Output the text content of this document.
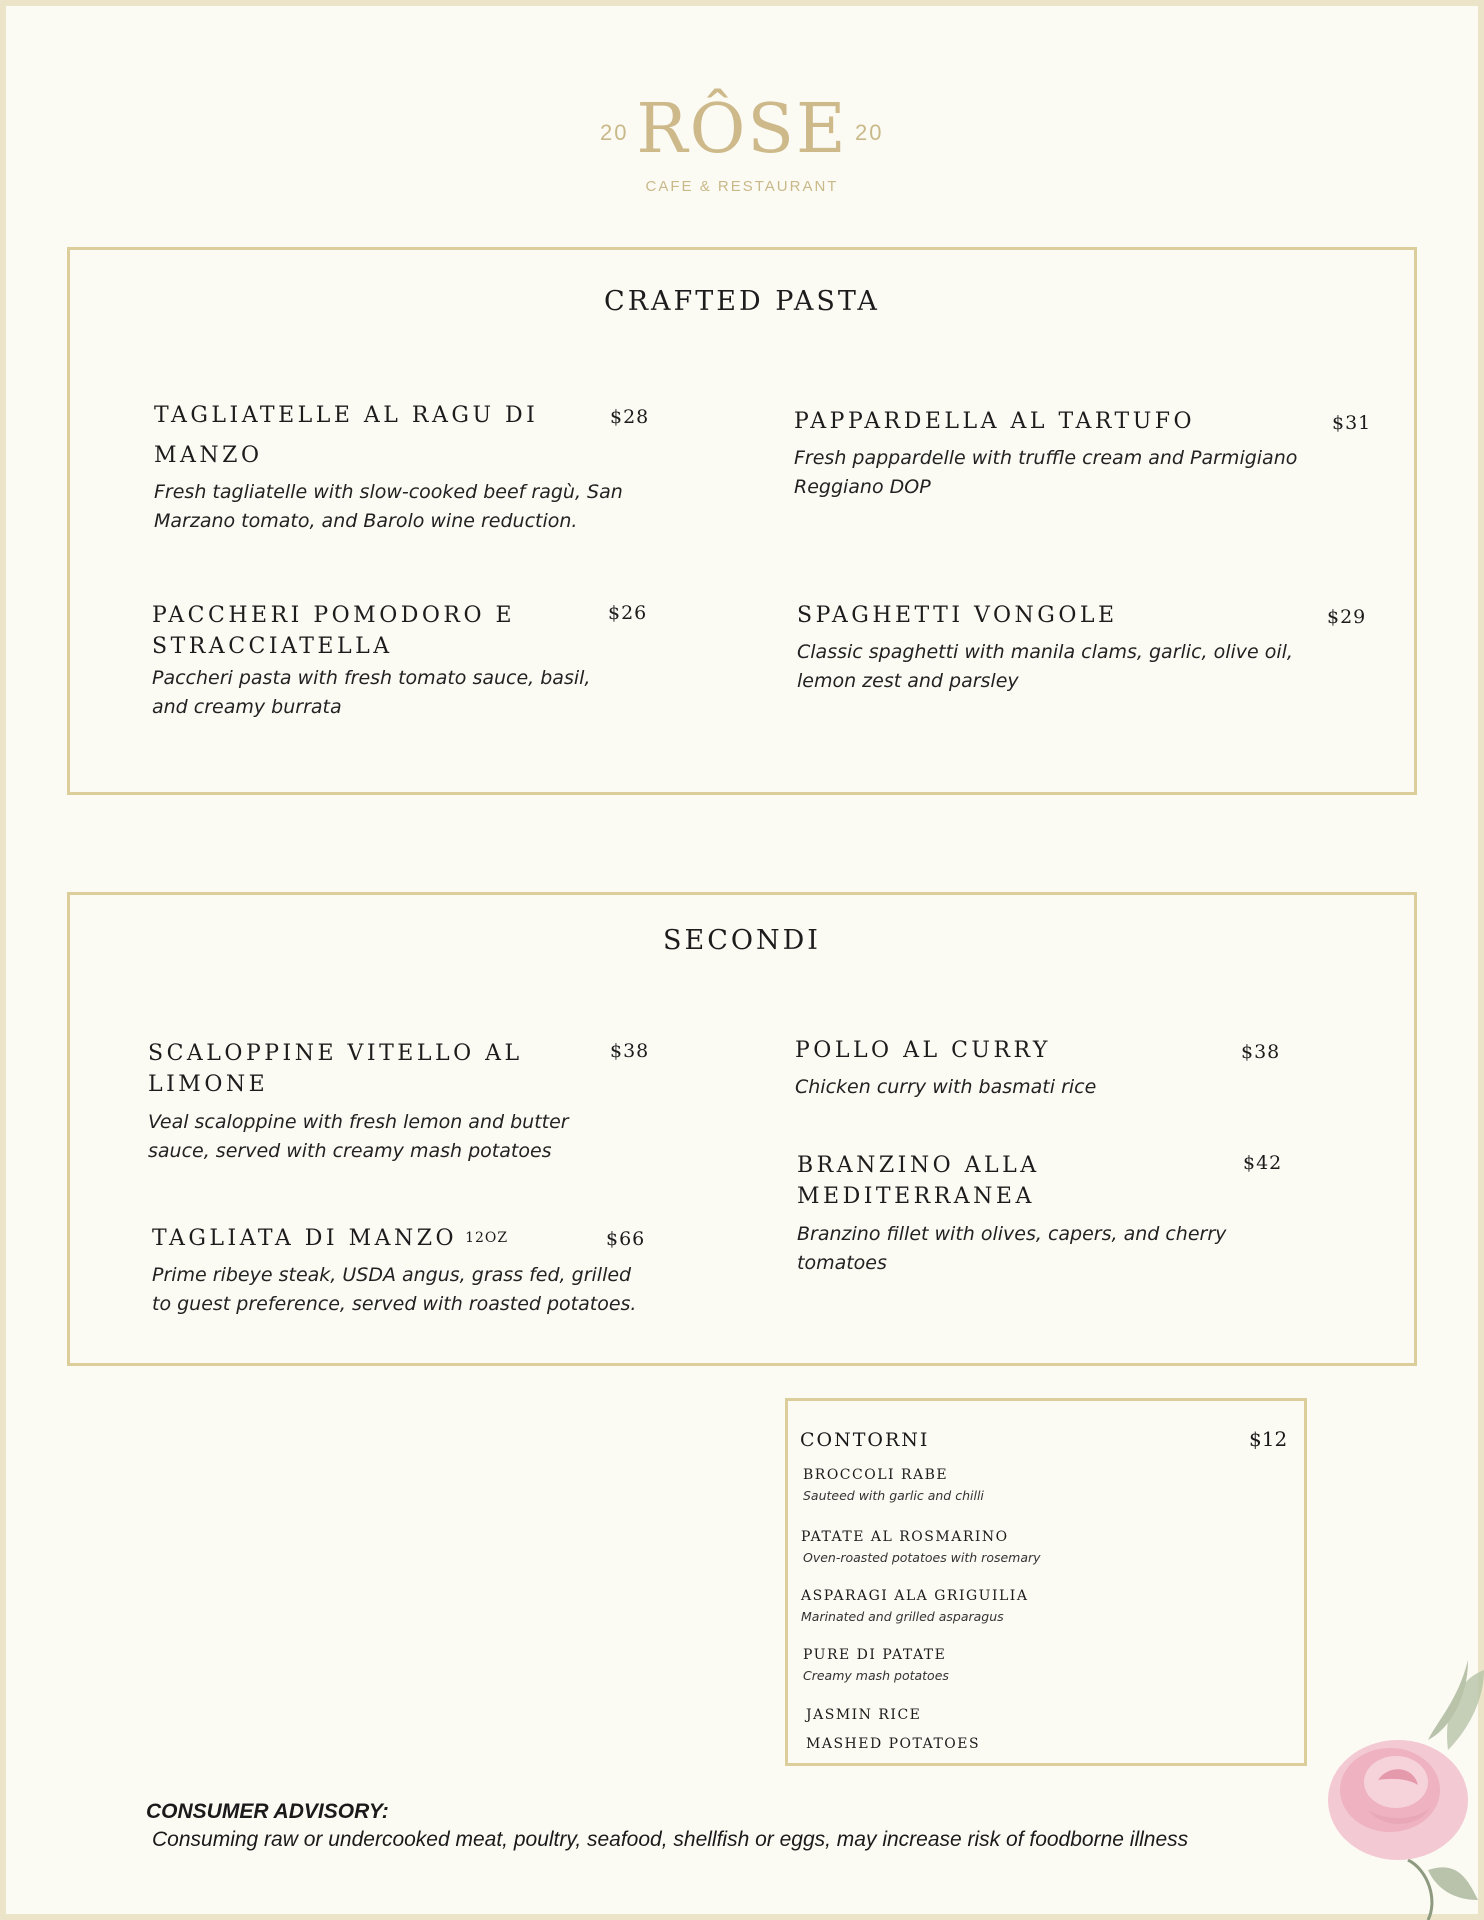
20 RÔSE 20
CAFE & RESTAURANT
CRAFTED PASTA
TAGLIATELLE AL RAGU DI MANZO
$28
Fresh tagliatelle with slow-cooked beef ragù, San Marzano tomato, and Barolo wine reduction.
PAPPARDELLA AL TARTUFO	$31
Fresh pappardelle with truffle cream and Parmigiano Reggiano DOP
PACCHERI POMODORO E STRACCIATELLA
$26
Paccheri pasta with fresh tomato sauce, basil, and creamy burrata
SPAGHETTI VONGOLE	$29
Classic spaghetti with manila clams, garlic, olive oil, lemon zest and parsley
SECONDI
SCALOPPINE VITELLO AL LIMONE
$38
Veal scaloppine with fresh lemon and butter sauce, served with creamy mash potatoes
POLLO AL CURRY	$38
Chicken curry with basmati rice
BRANZINO ALLA MEDITERRANEA
$42
Branzino fillet with olives, capers, and cherry tomatoes
TAGLIATA DI MANZO 12OZ	$66
Prime ribeye steak, USDA angus, grass fed, grilled to guest preference, served with roasted potatoes.
CONTORNI	$12
BROCCOLI RABE
Sauteed with garlic and chilli
PATATE AL ROSMARINO
Oven-roasted potatoes with rosemary
ASPARAGI ALA GRIGUILIA
Marinated and grilled asparagus
PURE DI PATATE
Creamy mash potatoes
JASMIN RICE
MASHED POTATOES
CONSUMER ADVISORY:
Consuming raw or undercooked meat, poultry, seafood, shellfish or eggs, may increase risk of foodborne illness
